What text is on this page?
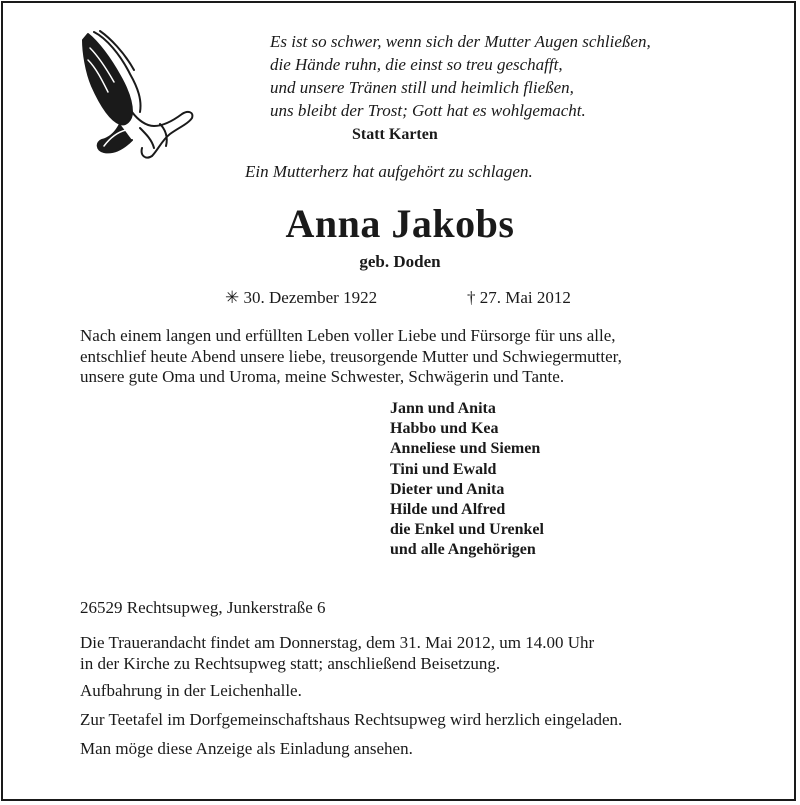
Es ist so schwer, wenn sich der Mutter Augen schließen,
die Hände ruhn, die einst so treu geschafft,
und unsere Tränen still und heimlich fließen,
uns bleibt der Trost; Gott hat es wohlgemacht.
Statt Karten
Ein Mutterherz hat aufgehört zu schlagen.
Anna Jakobs
geb. Doden
✳ 30. Dezember 1922	† 27. Mai 2012
Nach einem langen und erfüllten Leben voller Liebe und Fürsorge für uns alle,
entschlief heute Abend unsere liebe, treusorgende Mutter und Schwiegermutter,
unsere gute Oma und Uroma, meine Schwester, Schwägerin und Tante.
Jann und Anita
Habbo und Kea
Anneliese und Siemen
Tini und Ewald
Dieter und Anita
Hilde und Alfred
die Enkel und Urenkel
und alle Angehörigen
26529 Rechtsupweg, Junkerstraße 6
Die Trauerandacht findet am Donnerstag, dem 31. Mai 2012, um 14.00 Uhr
in der Kirche zu Rechtsupweg statt; anschließend Beisetzung.
Aufbahrung in der Leichenhalle.
Zur Teetafel im Dorfgemeinschaftshaus Rechtsupweg wird herzlich eingeladen.
Man möge diese Anzeige als Einladung ansehen.
